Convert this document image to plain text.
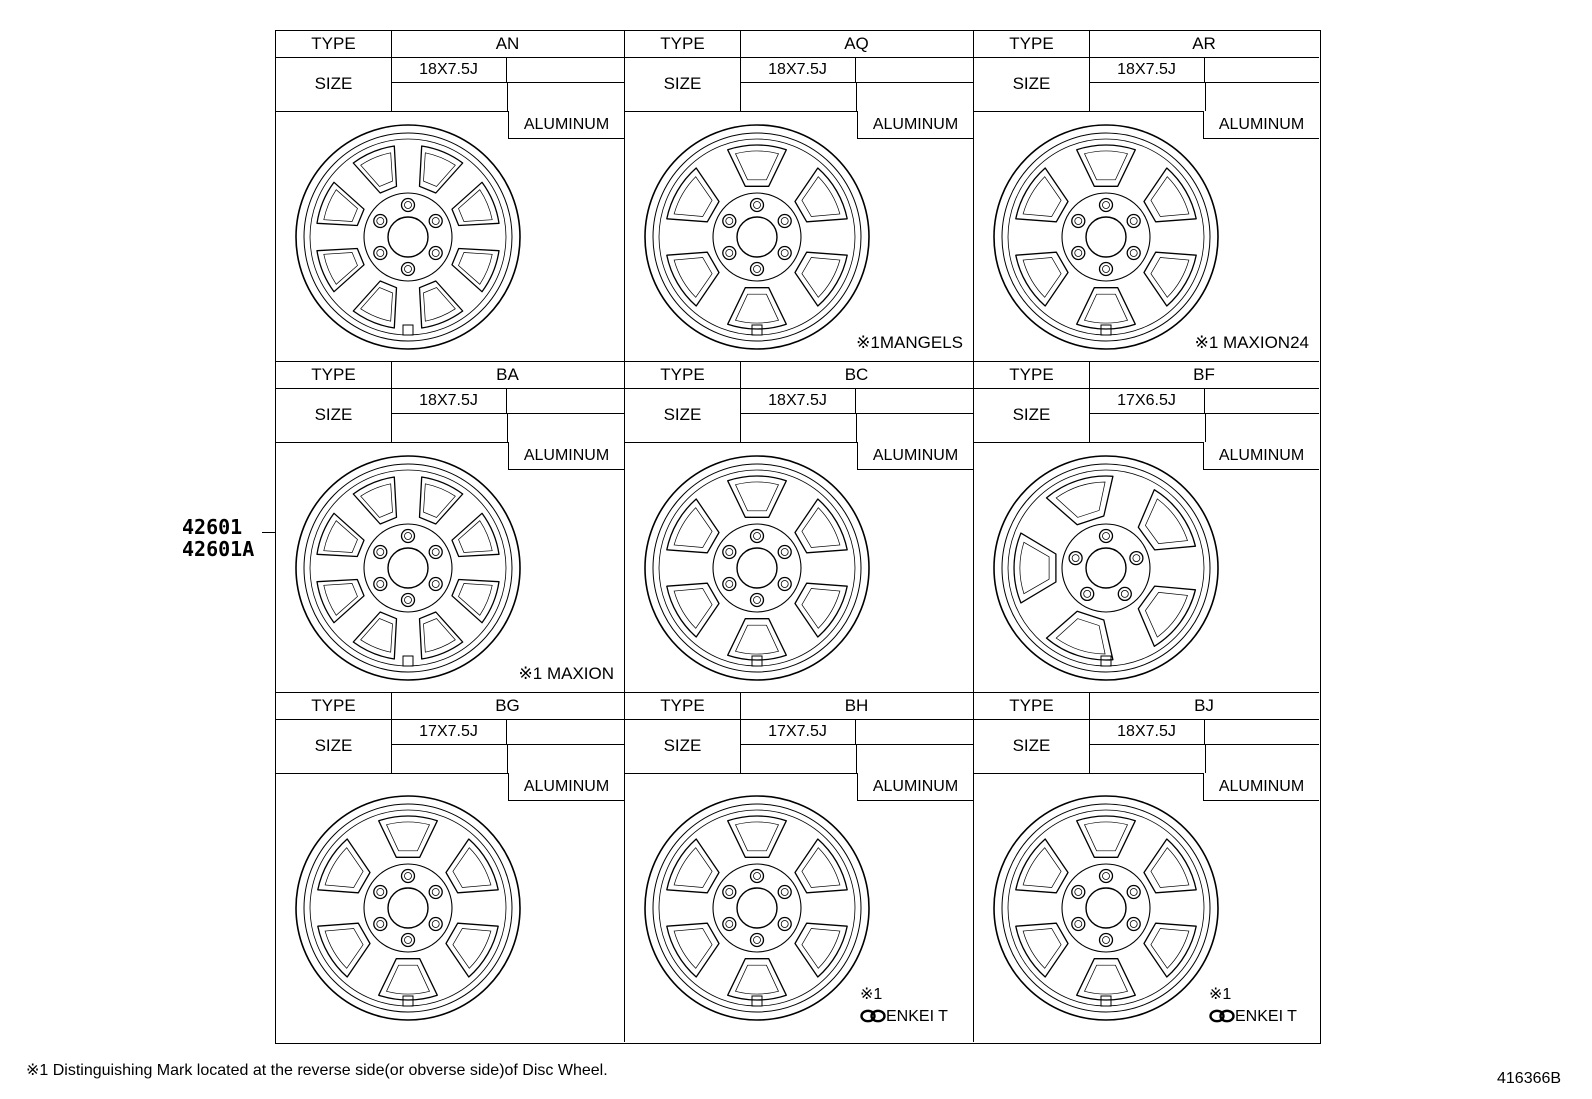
42601
42601A
TYPE	AN
SIZE
18X7.5J
ALUMINUM
TYPE	AQ
SIZE
18X7.5J
ALUMINUM
※1MANGELS
TYPE	AR
SIZE
18X7.5J
ALUMINUM
※1 MAXION24
TYPE	BA
SIZE
18X7.5J
ALUMINUM
※1 MAXION
TYPE	BC
SIZE
18X7.5J
ALUMINUM
TYPE	BF
SIZE
17X6.5J
ALUMINUM
TYPE	BG
SIZE
17X7.5J
ALUMINUM
TYPE	BH
SIZE
17X7.5J
ALUMINUM
※1
ENKEI T
TYPE	BJ
SIZE
18X7.5J
ALUMINUM
※1
ENKEI T
※1 Distinguishing Mark located at the reverse side(or obverse side)of Disc Wheel.	416366B
